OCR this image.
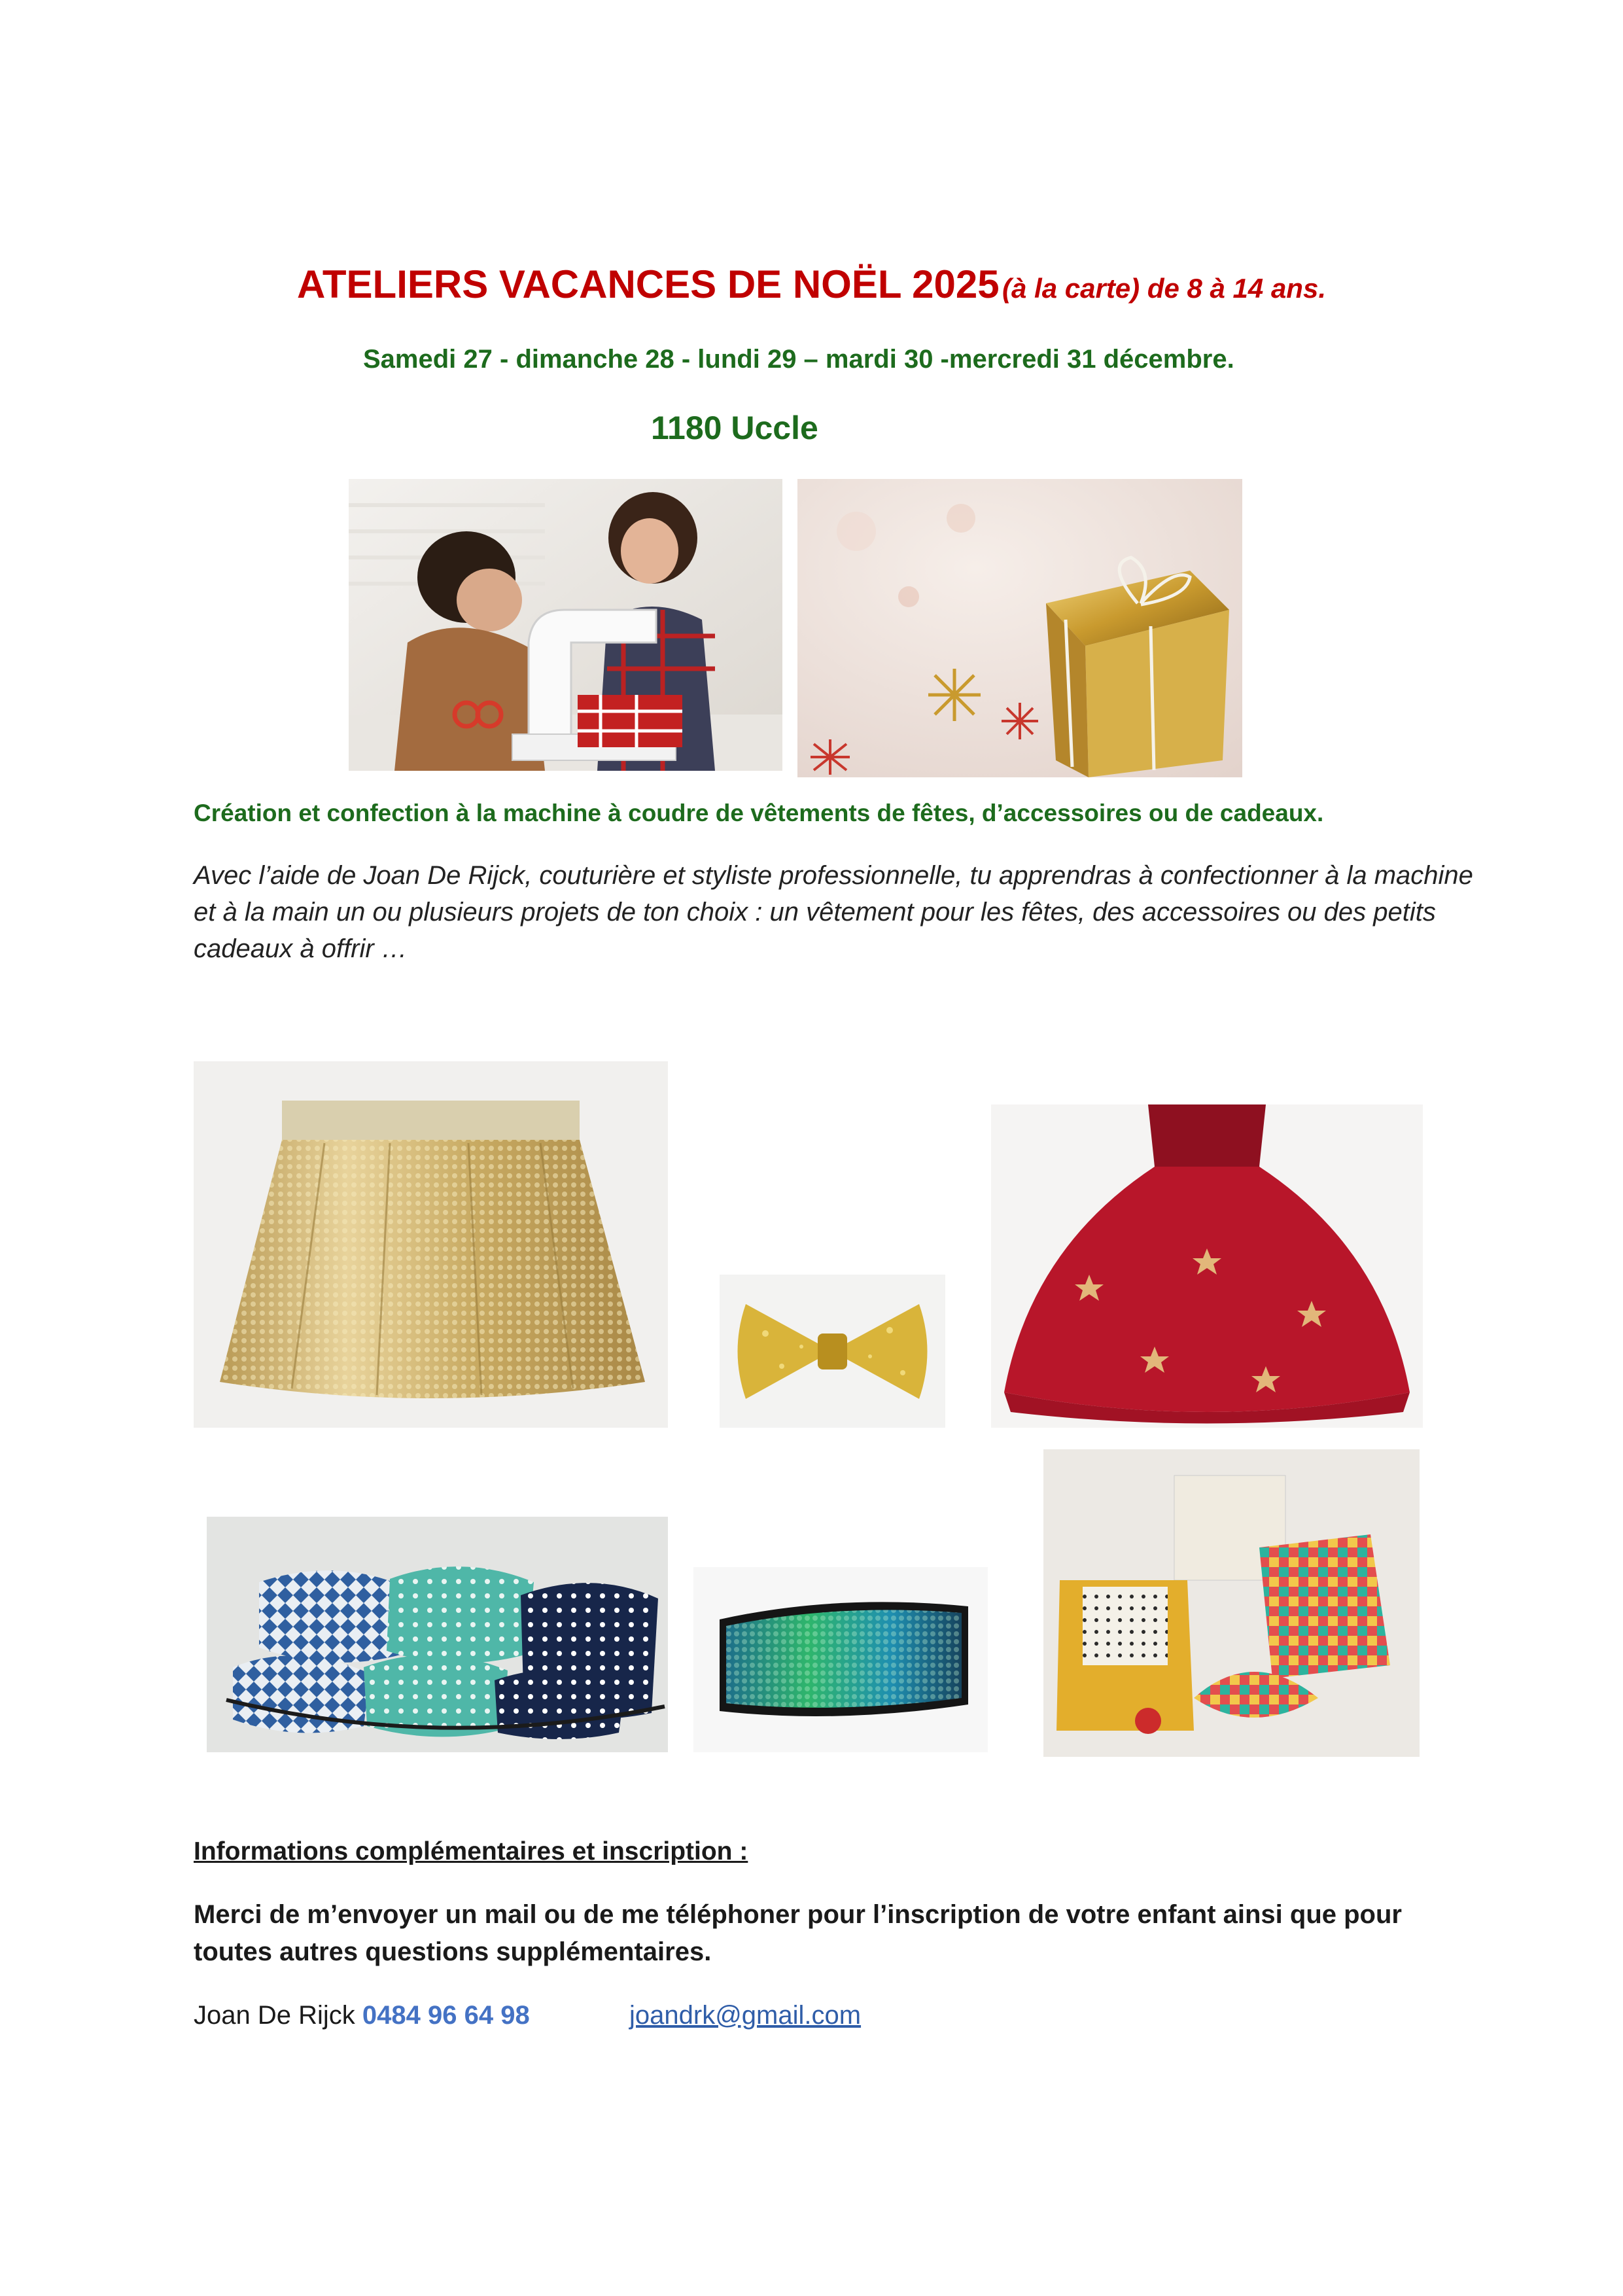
ATELIERS VACANCES DE NOËL 2025 (à la carte) de 8 à 14 ans.
Samedi 27 - dimanche 28 - lundi 29 – mardi 30 -mercredi 31 décembre.
1180 Uccle
Création et confection à la machine à coudre de vêtements de fêtes, d’accessoires ou de cadeaux.
Avec l’aide de Joan De Rijck, couturière et styliste professionnelle, tu apprendras à confectionner à la machine et à la main un ou plusieurs projets de ton choix : un vêtement pour les fêtes, des accessoires ou des petits cadeaux à offrir …
Informations complémentaires et inscription :
Merci de m’envoyer un mail ou de me téléphoner pour l’inscription de votre enfant ainsi que pour toutes autres questions supplémentaires.
Joan De Rijck 0484 96 64 98	joandrk@gmail.com
